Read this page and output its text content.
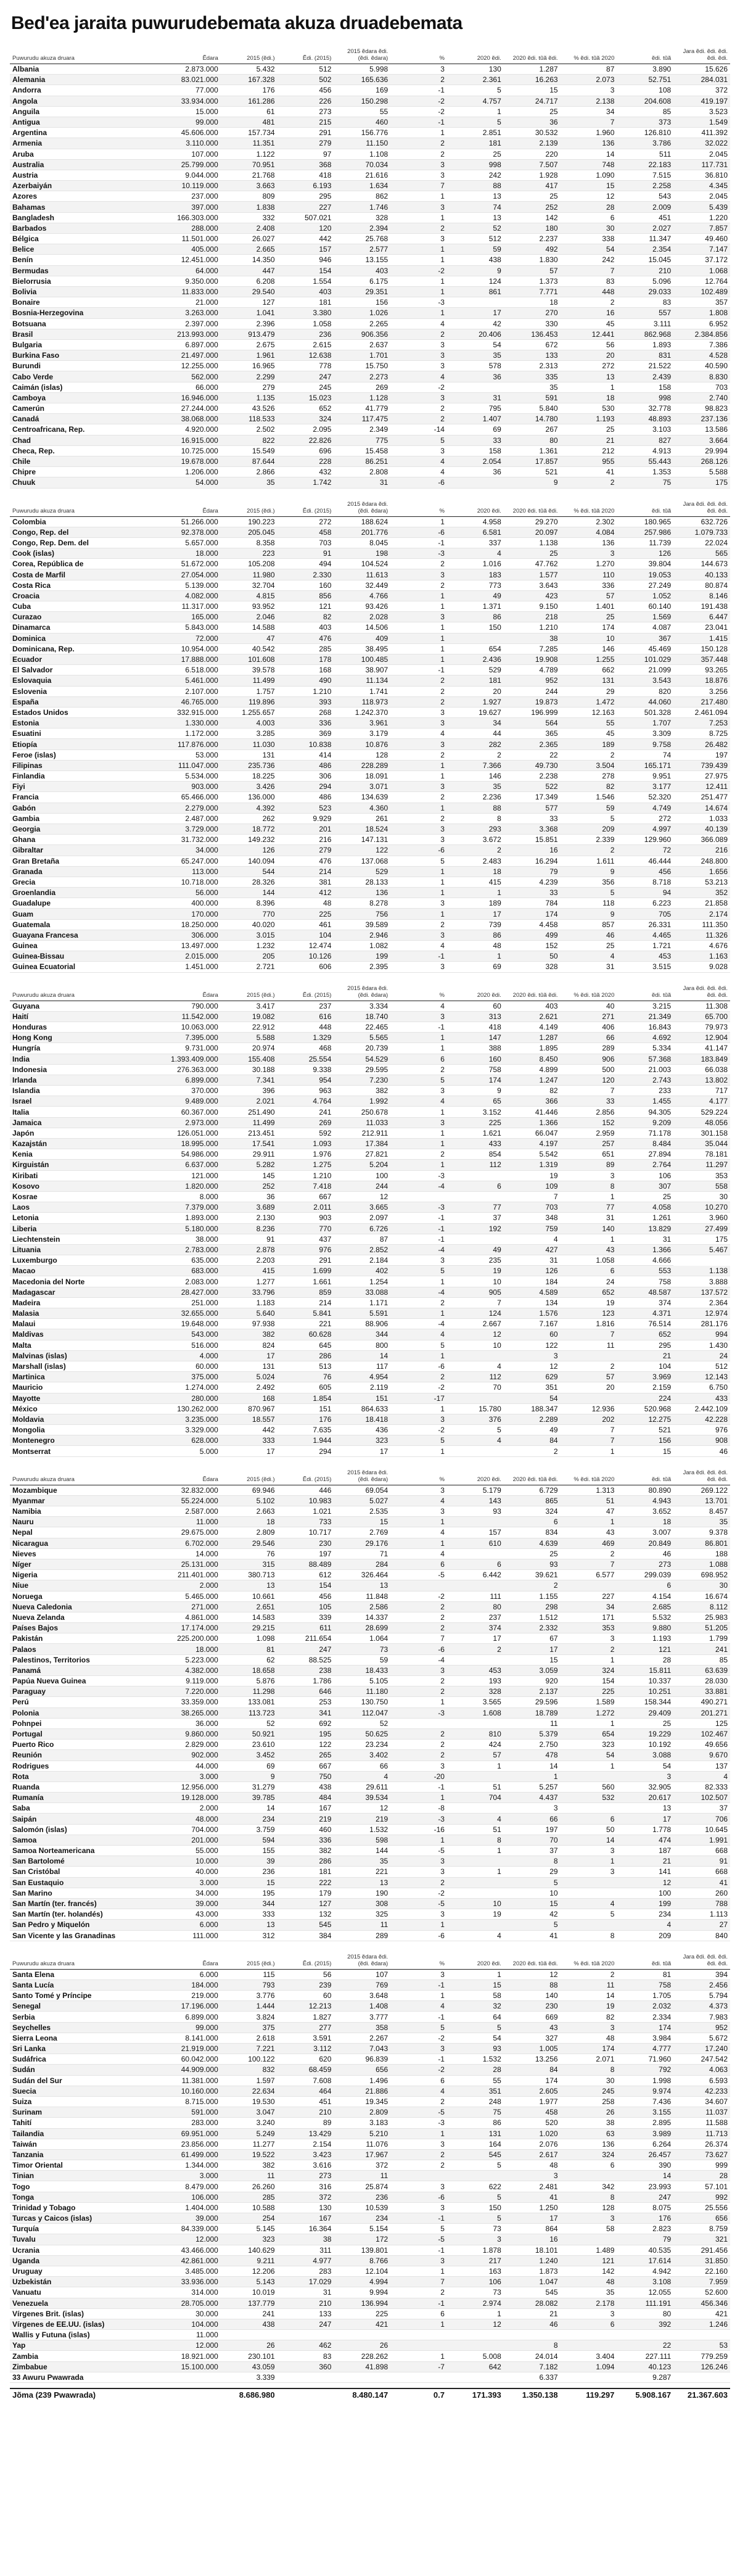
Bed'ea jaraita puwurudebemata akuza druadebemata
Puwurudu akuza druara	Ẽdara	2015 (ẽdi.)	Ẽdi. (2015)	2015 ẽdara ẽdi. (ẽdi. ẽdara)	%	2020 ẽdi.	2020 ẽdi. tũã ẽdi.	% ẽdi. tũã 2020	ẽdi. tũã	Jara ẽdi. ẽdi. ẽdi. ẽdi. ẽdi.
Albania	2.873.000	5.432	512	5.998	3	130	1.287	87	3.890	15.626
Alemania	83.021.000	167.328	502	165.636	2	2.361	16.263	2.073	52.751	284.031
Andorra	77.000	176	456	169	-1	5	15	3	108	372
Angola	33.934.000	161.286	226	150.298	-2	4.757	24.717	2.138	204.608	419.197
Anguila	15.000	61	273	55	-2	1	25	34	85	3.523
Antigua	99.000	481	215	460	-1	5	36	7	373	1.549
Argentina	45.606.000	157.734	291	156.776	1	2.851	30.532	1.960	126.810	411.392
Armenia	3.110.000	11.351	279	11.150	2	181	2.139	136	3.786	32.022
Aruba	107.000	1.122	97	1.108	2	25	220	14	511	2.045
Australia	25.799.000	70.951	368	70.034	3	998	7.507	748	22.183	117.731
Austria	9.044.000	21.768	418	21.616	3	242	1.928	1.090	7.515	36.810
Azerbaiyán	10.119.000	3.663	6.193	1.634	7	88	417	15	2.258	4.345
Azores	237.000	809	295	862	1	13	25	12	543	2.045
Bahamas	397.000	1.838	227	1.746	3	74	252	28	2.009	5.439
Bangladesh	166.303.000	332	507.021	328	1	13	142	6	451	1.220
Barbados	288.000	2.408	120	2.394	2	52	180	30	2.027	7.857
Bélgica	11.501.000	26.027	442	25.768	3	512	2.237	338	11.347	49.460
Belice	405.000	2.665	157	2.577	1	59	492	54	2.354	7.147
Benín	12.451.000	14.350	946	13.155	1	438	1.830	242	15.045	37.172
Bermudas	64.000	447	154	403	-2	9	57	7	210	1.068
Bielorrusia	9.350.000	6.208	1.554	6.175	1	124	1.373	83	5.096	12.764
Bolivia	11.833.000	29.540	403	29.351	1	861	7.771	448	29.033	102.489
Bonaire	21.000	127	181	156	-3		18	2	83	357
Bosnia-Herzegovina	3.263.000	1.041	3.380	1.026	1	17	270	16	557	1.808
Botsuana	2.397.000	2.396	1.058	2.265	4	42	330	45	3.111	6.952
Brasil	213.993.000	913.479	236	906.356	2	20.406	136.453	12.441	862.968	2.384.856
Bulgaria	6.897.000	2.675	2.615	2.637	3	54	672	56	1.893	7.386
Burkina Faso	21.497.000	1.961	12.638	1.701	3	35	133	20	831	4.528
Burundi	12.255.000	16.965	778	15.750	3	578	2.313	272	21.522	40.590
Cabo Verde	562.000	2.299	247	2.273	4	36	335	13	2.439	8.830
Caimán (islas)	66.000	279	245	269	-2		35	1	158	703
Camboya	16.946.000	1.135	15.023	1.128	3	31	591	18	998	2.740
Camerún	27.244.000	43.526	652	41.779	2	795	5.840	530	32.778	98.823
Canadá	38.068.000	118.533	324	117.475	2	1.407	14.780	1.193	48.893	237.136
Centroafricana, Rep.	4.920.000	2.502	2.095	2.349	-14	69	267	25	3.103	13.586
Chad	16.915.000	822	22.826	775	5	33	80	21	827	3.664
Checa, Rep.	10.725.000	15.549	696	15.458	3	158	1.361	212	4.913	29.994
Chile	19.678.000	87.644	228	86.251	4	2.054	17.857	955	55.443	268.126
Chipre	1.206.000	2.866	432	2.808	4	36	521	41	1.353	5.588
Chuuk	54.000	35	1.742	31	-6		9	2	75	175
Puwurudu akuza druara	Ẽdara	2015 (ẽdi.)	Ẽdi. (2015)	2015 ẽdara ẽdi. (ẽdi. ẽdara)	%	2020 ẽdi.	2020 ẽdi. tũã ẽdi.	% ẽdi. tũã 2020	ẽdi. tũã	Jara ẽdi. ẽdi. ẽdi. ẽdi. ẽdi.
Colombia	51.266.000	190.223	272	188.624	1	4.958	29.270	2.302	180.965	632.726
Congo, Rep. del	92.378.000	205.045	458	201.776	-6	6.581	20.097	4.084	257.986	1.079.733
Congo, Rep. Dem. del	5.657.000	8.358	703	8.045	-1	337	1.138	136	11.739	22.024
Cook (islas)	18.000	223	91	198	-3	4	25	3	126	565
Corea, República de	51.672.000	105.208	494	104.524	2	1.016	47.762	1.270	39.804	144.673
Costa de Marfil	27.054.000	11.980	2.330	11.613	3	183	1.577	110	19.053	40.133
Costa Rica	5.139.000	32.704	160	32.449	2	773	3.643	336	27.249	80.874
Croacia	4.082.000	4.815	856	4.766	1	49	423	57	1.052	8.146
Cuba	11.317.000	93.952	121	93.426	1	1.371	9.150	1.401	60.140	191.438
Curazao	165.000	2.046	82	2.028	3	86	218	25	1.569	6.447
Dinamarca	5.843.000	14.588	403	14.506	1	150	1.210	174	4.087	23.041
Dominica	72.000	47	476	409	1		38	10	367	1.415
Dominicana, Rep.	10.954.000	40.542	285	38.495	1	654	7.285	146	45.469	150.128
Ecuador	17.888.000	101.608	178	100.485	1	2.436	19.908	1.255	101.029	357.448
El Salvador	6.518.000	39.578	168	38.907	-1	529	4.789	662	21.099	93.265
Eslovaquia	5.461.000	11.499	490	11.134	2	181	952	131	3.543	18.876
Eslovenia	2.107.000	1.757	1.210	1.741	2	20	244	29	820	3.256
España	46.765.000	119.896	393	118.973	2	1.927	19.873	1.472	44.060	217.480
Estados Unidos	332.915.000	1.255.657	268	1.242.370	3	19.627	196.999	12.163	501.328	2.461.094
Estonia	1.330.000	4.003	336	3.961	3	34	564	55	1.707	7.253
Esuatini	1.172.000	3.285	369	3.179	4	44	365	45	3.309	8.725
Etiopía	117.876.000	11.030	10.838	10.876	3	282	2.365	189	9.758	26.482
Feroe (islas)	53.000	131	414	128	2	2	22	2	74	197
Filipinas	111.047.000	235.736	486	228.289	1	7.366	49.730	3.504	165.171	739.439
Finlandia	5.534.000	18.225	306	18.091	1	146	2.238	278	9.951	27.975
Fiyi	903.000	3.426	294	3.071	3	35	522	82	3.177	12.411
Francia	65.466.000	136.000	486	134.639	2	2.236	17.349	1.546	52.320	251.477
Gabón	2.279.000	4.392	523	4.360	1	88	577	59	4.749	14.674
Gambia	2.487.000	262	9.929	261	2	8	33	5	272	1.033
Georgia	3.729.000	18.772	201	18.524	3	293	3.368	209	4.997	40.139
Ghana	31.732.000	149.232	216	147.131	3	3.672	15.851	2.339	129.960	366.089
Gibraltar	34.000	126	279	122	-6	2	16	2	72	216
Gran Bretaña	65.247.000	140.094	476	137.068	5	2.483	16.294	1.611	46.444	248.800
Granada	113.000	544	214	529	1	18	79	9	456	1.656
Grecia	10.718.000	28.326	381	28.133	1	415	4.239	356	8.718	53.213
Groenlandia	56.000	144	412	136	1	1	33	5	94	352
Guadalupe	400.000	8.396	48	8.278	3	189	784	118	6.223	21.858
Guam	170.000	770	225	756	1	17	174	9	705	2.174
Guatemala	18.250.000	40.020	461	39.589	2	739	4.458	857	26.331	111.350
Guayana Francesa	306.000	3.015	104	2.946	3	86	499	46	4.465	11.326
Guinea	13.497.000	1.232	12.474	1.082	4	48	152	25	1.721	4.676
Guinea-Bissau	2.015.000	205	10.126	199	-1	1	50	4	453	1.163
Guinea Ecuatorial	1.451.000	2.721	606	2.395	3	69	328	31	3.515	9.028
Puwurudu akuza druara	Ẽdara	2015 (ẽdi.)	Ẽdi. (2015)	2015 ẽdara ẽdi. (ẽdi. ẽdara)	%	2020 ẽdi.	2020 ẽdi. tũã ẽdi.	% ẽdi. tũã 2020	ẽdi. tũã	Jara ẽdi. ẽdi. ẽdi. ẽdi. ẽdi.
Guyana	790.000	3.417	237	3.334	4	60	403	40	3.215	11.308
Haití	11.542.000	19.082	616	18.740	3	313	2.621	271	21.349	65.700
Honduras	10.063.000	22.912	448	22.465	-1	418	4.149	406	16.843	79.973
Hong Kong	7.395.000	5.588	1.329	5.565	1	147	1.287	66	4.692	12.904
Hungría	9.731.000	20.974	468	20.739	1	388	1.895	289	5.334	41.147
India	1.393.409.000	155.408	25.554	54.529	6	160	8.450	906	57.368	183.849
Indonesia	276.363.000	30.188	9.338	29.595	2	758	4.899	500	21.003	66.038
Irlanda	6.899.000	7.341	954	7.230	5	174	1.247	120	2.743	13.802
Islandia	370.000	396	963	382	3	9	82	7	233	717
Israel	9.489.000	2.021	4.764	1.992	4	65	366	33	1.455	4.177
Italia	60.367.000	251.490	241	250.678	1	3.152	41.446	2.856	94.305	529.224
Jamaica	2.973.000	11.499	269	11.033	3	225	1.366	152	9.209	48.056
Japón	126.051.000	213.451	592	212.911	1	1.621	66.047	2.959	71.178	301.158
Kazajstán	18.995.000	17.541	1.093	17.384	1	433	4.197	257	8.484	35.044
Kenia	54.986.000	29.911	1.976	27.821	2	854	5.542	651	27.894	78.181
Kirguistán	6.637.000	5.282	1.275	5.204	1	112	1.319	89	2.764	11.297
Kiribati	121.000	145	1.210	100	-3		19	3	106	353
Kosovo	1.820.000	252	7.418	244	-4	6	109	8	307	558
Kosrae	8.000	36	667	12			7	1	25	30
Laos	7.379.000	3.689	2.011	3.665	-3	77	703	77	4.058	10.270
Letonia	1.893.000	2.130	903	2.097	-1	37	348	31	1.261	3.960
Liberia	5.180.000	8.236	770	6.726	-1	192	759	140	13.829	27.499
Liechtenstein	38.000	91	437	87	-1		4	1	31	175
Lituania	2.783.000	2.878	976	2.852	-4	49	427	43	1.366	5.467
Luxemburgo	635.000	2.203	291	2.184	3	235	31	1.058	4.666	
Macao	683.000	415	1.699	402	5	19	126	6	553	1.138
Macedonia del Norte	2.083.000	1.277	1.661	1.254	1	10	184	24	758	3.888
Madagascar	28.427.000	33.796	859	33.088	-4	905	4.589	652	48.587	137.572
Madeira	251.000	1.183	214	1.171	2	7	134	19	374	2.364
Malasia	32.655.000	5.640	5.841	5.591	1	124	1.576	123	4.371	12.974
Malaui	19.648.000	97.938	221	88.906	-4	2.667	7.167	1.816	76.514	281.176
Maldivas	543.000	382	60.628	344	4	12	60	7	652	994
Malta	516.000	824	645	800	5	10	122	11	295	1.430
Malvinas (islas)	4.000	17	286	14	1		3		21	24
Marshall (islas)	60.000	131	513	117	-6	4	12	2	104	512
Martinica	375.000	5.024	76	4.954	2	112	629	57	3.969	12.143
Mauricio	1.274.000	2.492	605	2.119	-2	70	351	20	2.159	6.750
Mayotte	280.000	168	1.854	151	-17		54		224	433
México	130.262.000	870.967	151	864.633	1	15.780	188.347	12.936	520.968	2.442.109
Moldavia	3.235.000	18.557	176	18.418	3	376	2.289	202	12.275	42.228
Mongolia	3.329.000	442	7.635	436	-2	5	49	7	521	976
Montenegro	628.000	333	1.944	323	5	4	84	7	156	908
Montserrat	5.000	17	294	17	1		2	1	15	46
Puwurudu akuza druara	Ẽdara	2015 (ẽdi.)	Ẽdi. (2015)	2015 ẽdara ẽdi. (ẽdi. ẽdara)	%	2020 ẽdi.	2020 ẽdi. tũã ẽdi.	% ẽdi. tũã 2020	ẽdi. tũã	Jara ẽdi. ẽdi. ẽdi. ẽdi. ẽdi.
Mozambique	32.832.000	69.946	446	69.054	3	5.179	6.729	1.313	80.890	269.122
Myanmar	55.224.000	5.102	10.983	5.027	4	143	865	51	4.943	13.701
Namibia	2.587.000	2.663	1.021	2.535	3	93	324	47	3.652	8.457
Nauru	11.000	18	733	15	1		6	1	18	35
Nepal	29.675.000	2.809	10.717	2.769	4	157	834	43	3.007	9.378
Nicaragua	6.702.000	29.546	230	29.176	1	610	4.639	469	20.849	86.801
Nieves	14.000	76	197	71	4		25	2	46	188
Níger	25.131.000	315	88.489	284	6	6	93	7	273	1.088
Nigeria	211.401.000	380.713	612	326.464	-5	6.442	39.621	6.577	299.039	698.952
Niue	2.000	13	154	13			2		6	30
Noruega	5.465.000	10.661	456	11.848	-2	111	1.155	227	4.154	16.674
Nueva Caledonia	271.000	2.651	105	2.586	2	80	298	34	2.685	8.112
Nueva Zelanda	4.861.000	14.583	339	14.337	2	237	1.512	171	5.532	25.983
Países Bajos	17.174.000	29.215	611	28.699	2	374	2.332	353	9.880	51.205
Pakistán	225.200.000	1.098	211.654	1.064	7	17	67	3	1.193	1.799
Palaos	18.000	81	247	73	-6	2	17	2	121	241
Palestinos, Territorios	5.223.000	62	88.525	59	-4		15	1	28	85
Panamá	4.382.000	18.658	238	18.433	3	453	3.059	324	15.811	63.639
Papúa Nueva Guinea	9.119.000	5.876	1.786	5.105	2	193	920	154	10.337	28.030
Paraguay	7.220.000	11.298	646	11.180	2	328	2.137	225	10.251	33.881
Perú	33.359.000	133.081	253	130.750	1	3.565	29.596	1.589	158.344	490.271
Polonia	38.265.000	113.723	341	112.047	-3	1.608	18.789	1.272	29.409	201.271
Pohnpei	36.000	52	692	52			11	1	25	125
Portugal	9.860.000	50.921	195	50.625	2	810	5.379	654	19.229	102.467
Puerto Rico	2.829.000	23.610	122	23.234	2	424	2.750	323	10.192	49.656
Reunión	902.000	3.452	265	3.402	2	57	478	54	3.088	9.670
Rodrigues	44.000	69	667	66	3	1	14	1	54	137
Rota	3.000	9	750	4	-20		1		3	4
Ruanda	12.956.000	31.279	438	29.611	-1	51	5.257	560	32.905	82.333
Rumanía	19.128.000	39.785	484	39.534	1	704	4.437	532	20.617	102.507
Saba	2.000	14	167	12	-8		3		13	37
Saipán	48.000	234	219	219	-3	4	66	6	17	706
Salomón (islas)	704.000	3.759	460	1.532	-16	51	197	50	1.778	10.645
Samoa	201.000	594	336	598	1	8	70	14	474	1.991
Samoa Norteamericana	55.000	155	382	144	-5	1	37	3	187	668
San Bartolomé	10.000	39	286	35	3		8	1	21	91
San Cristóbal	40.000	236	181	221	3	1	29	3	141	668
San Eustaquio	3.000	15	222	13	2		5		12	41
San Marino	34.000	195	179	190	-2		10		100	260
San Martín (ter. francés)	39.000	344	127	308	-5	10	15	4	199	788
San Martín (ter. holandés)	43.000	333	132	325	3	19	42	5	234	1.113
San Pedro y Miquelón	6.000	13	545	11	1		5		4	27
San Vicente y las Granadinas	111.000	312	384	289	-6	4	41	8	209	840
Puwurudu akuza druara	Ẽdara	2015 (ẽdi.)	Ẽdi. (2015)	2015 ẽdara ẽdi. (ẽdi. ẽdara)	%	2020 ẽdi.	2020 ẽdi. tũã ẽdi.	% ẽdi. tũã 2020	ẽdi. tũã	Jara ẽdi. ẽdi. ẽdi. ẽdi. ẽdi.
Santa Elena	6.000	115	56	107	3	1	12	2	81	394
Santa Lucía	184.000	793	239	769	-1	15	88	11	758	2.456
Santo Tomé y Príncipe	219.000	3.776	60	3.648	1	58	140	14	1.705	5.794
Senegal	17.196.000	1.444	12.213	1.408	4	32	230	19	2.032	4.373
Serbia	6.899.000	3.824	1.827	3.777	-1	64	669	82	2.334	7.983
Seychelles	99.000	375	277	358	5	5	43	3	174	952
Sierra Leona	8.141.000	2.618	3.591	2.267	-2	54	327	48	3.984	5.672
Sri Lanka	21.919.000	7.221	3.112	7.043	3	93	1.005	174	4.777	17.240
Sudáfrica	60.042.000	100.122	620	96.839	-1	1.532	13.256	2.071	71.960	247.542
Sudán	44.909.000	832	68.459	656	-2	28	84	8	792	4.063
Sudán del Sur	11.381.000	1.597	7.608	1.496	6	55	174	30	1.998	6.593
Suecia	10.160.000	22.634	464	21.886	4	351	2.605	245	9.974	42.233
Suiza	8.715.000	19.530	451	19.345	2	248	1.977	258	7.436	34.607
Surinam	591.000	3.047	210	2.809	-5	75	458	26	3.155	11.037
Tahití	283.000	3.240	89	3.183	-3	86	520	38	2.895	11.588
Tailandia	69.951.000	5.249	13.429	5.210	1	131	1.020	63	3.989	11.713
Taiwán	23.856.000	11.277	2.154	11.076	3	164	2.076	136	6.264	26.374
Tanzania	61.499.000	19.522	3.423	17.967	2	545	2.617	324	26.457	73.627
Timor Oriental	1.344.000	382	3.616	372	2	5	48	6	390	999
Tinian	3.000	11	273	11			3		14	28
Togo	8.479.000	26.260	316	25.874	3	622	2.481	342	23.993	57.101
Tonga	106.000	285	372	236	-6	5	41	8	247	992
Trinidad y Tobago	1.404.000	10.588	130	10.539	3	150	1.250	128	8.075	25.556
Turcas y Caicos (islas)	39.000	254	167	234	-1	5	17	3	176	656
Turquía	84.339.000	5.145	16.364	5.154	5	73	864	58	2.823	8.759
Tuvalu	12.000	323	38	172	-5	3	16		79	321
Ucrania	43.466.000	140.629	311	139.801	-1	1.878	18.101	1.489	40.535	291.456
Uganda	42.861.000	9.211	4.977	8.766	3	217	1.240	121	17.614	31.850
Uruguay	3.485.000	12.206	283	12.104	1	163	1.873	142	4.942	22.160
Uzbekistán	33.936.000	5.143	17.029	4.994	7	106	1.047	48	3.108	7.959
Vanuatu	314.000	10.019	31	9.994	2	73	545	35	12.055	52.600
Venezuela	28.705.000	137.779	210	136.994	-1	2.974	28.082	2.178	111.191	456.346
Vírgenes Brit. (islas)	30.000	241	133	225	6	1	21	3	80	421
Vírgenes de EE.UU. (islas)	104.000	438	247	421	1	12	46	6	392	1.246
Wallis y Futuna (islas)	11.000									
Yap	12.000	26	462	26			8		22	53
Zambia	18.921.000	230.101	83	228.262	1	5.008	24.014	3.404	227.111	779.259
Zimbabue	15.100.000	43.059	360	41.898	-7	642	7.182	1.094	40.123	126.246
33 Awuru Pwawrada		3.339					6.337		9.287	
Jõma (239 Pwawrada)		8.686.980		8.480.147	0.7	171.393	1.350.138	119.297	5.908.167	21.367.603
